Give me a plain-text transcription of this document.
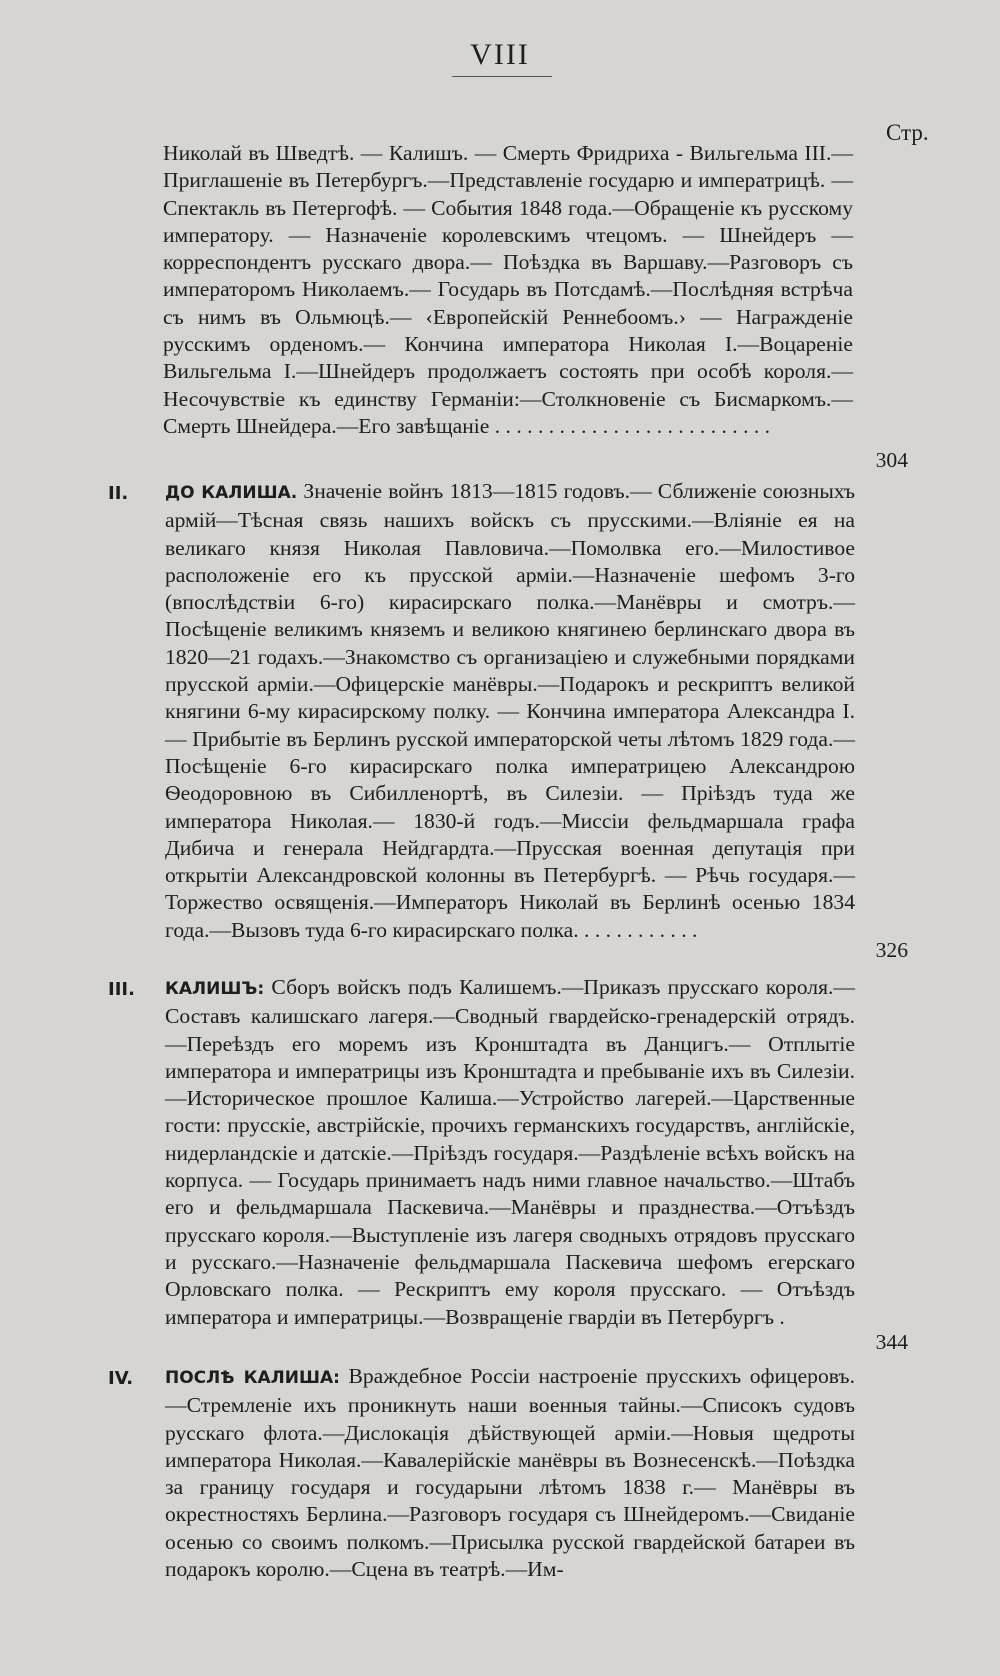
VIII
Стр.
Николай въ Шведтѣ. — Калишъ. — Смерть Фридриха - Вильгельма III.—Приглашеніе въ Петербургъ.—Представленіе государю и императрицѣ. — Спектакль въ Петергофѣ. — События 1848 года.—Обращеніе къ русскому императору. — Назначеніе королевскимъ чтецомъ. — Шнейдеръ — корреспондентъ русскаго двора.— Поѣздка въ Варшаву.—Разговоръ съ императоромъ Николаемъ.— Государь въ Потсдамѣ.—Послѣдняя встрѣча съ нимъ въ Ольмюцѣ.— ‹Европейскій Реннебоомъ.› — Награжденіе русскимъ орденомъ.— Кончина императора Николая I.—Воцареніе Вильгельма I.—Шнейдеръ продолжаетъ состоять при особѣ короля.—Несочувствіе къ единству Германіи:—Столкновеніе съ Бисмаркомъ.—Смерть Шнейдера.—Его завѣщаніе . . . . . . . . . . . . . . . . . . . . . . . . . .
304
II. ДО КАЛИША. Значеніе войнъ 1813—1815 годовъ.— Сближеніе союзныхъ армій—Тѣсная связь нашихъ войскъ съ прусскими.—Вліяніе ея на великаго князя Николая Павловича.—Помолвка его.—Милостивое расположеніе его къ прусской арміи.—Назначеніе шефомъ 3-го (впослѣдствіи 6-го) кирасирскаго полка.—Манёвры и смотръ.— Посѣщеніе великимъ княземъ и великою княгинею берлинскаго двора въ 1820—21 годахъ.—Знакомство съ организаціею и служебными порядками прусской арміи.—Офицерскіе манёвры.—Подарокъ и рескриптъ великой княгини 6-му кирасирскому полку. — Кончина императора Александра I. — Прибытіе въ Берлинъ русской императорской четы лѣтомъ 1829 года.—Посѣщеніе 6-го кирасирскаго полка императрицею Александрою Ѳеодоровною въ Сибилленортѣ, въ Силезіи. — Пріѣздъ туда же императора Николая.— 1830-й годъ.—Миссіи фельдмаршала графа Дибича и генерала Нейдгардта.—Прусская военная депутація при открытіи Александровской колонны въ Петербургѣ. — Рѣчь государя.—Торжество освященія.—Императоръ Николай въ Берлинѣ осенью 1834 года.—Вызовъ туда 6-го кирасирскаго полка. . . . . . . . . . . .
326
III. КАЛИШЪ: Сборъ войскъ подъ Калишемъ.—Приказъ прусскаго короля.—Составъ калишскаго лагеря.—Сводный гвардейско-гренадерскій отрядъ.—Переѣздъ его моремъ изъ Кронштадта въ Данцигъ.— Отплытіе императора и императрицы изъ Кронштадта и пребываніе ихъ въ Силезіи.—Историческое прошлое Калиша.—Устройство лагерей.—Царственные гости: прусскіе, австрійскіе, прочихъ германскихъ государствъ, англійскіе, нидерландскіе и датскіе.—Пріѣздъ государя.—Раздѣленіе всѣхъ войскъ на корпуса. — Государь принимаетъ надъ ними главное начальство.—Штабъ его и фельдмаршала Паскевича.—Манёвры и празднества.—Отъѣздъ прусскаго короля.—Выступленіе изъ лагеря сводныхъ отрядовъ прусскаго и русскаго.—Назначеніе фельдмаршала Паскевича шефомъ егерскаго Орловскаго полка. — Рескриптъ ему короля прусскаго. — Отъѣздъ императора и императрицы.—Возвращеніе гвардіи въ Петербургъ .
344
IV. ПОСЛѢ КАЛИША: Враждебное Россіи настроеніе прусскихъ офицеровъ.—Стремленіе ихъ проникнуть наши военныя тайны.—Списокъ судовъ русскаго флота.—Дислокація дѣйствующей арміи.—Новыя щедроты императора Николая.—Кавалерійскіе манёвры въ Вознесенскѣ.—Поѣздка за границу государя и государыни лѣтомъ 1838 г.— Манёвры въ окрестностяхъ Берлина.—Разговоръ государя съ Шнейдеромъ.—Свиданіе осенью со своимъ полкомъ.—Присылка русской гвардейской батареи въ подарокъ королю.—Сцена въ театрѣ.—Им-
